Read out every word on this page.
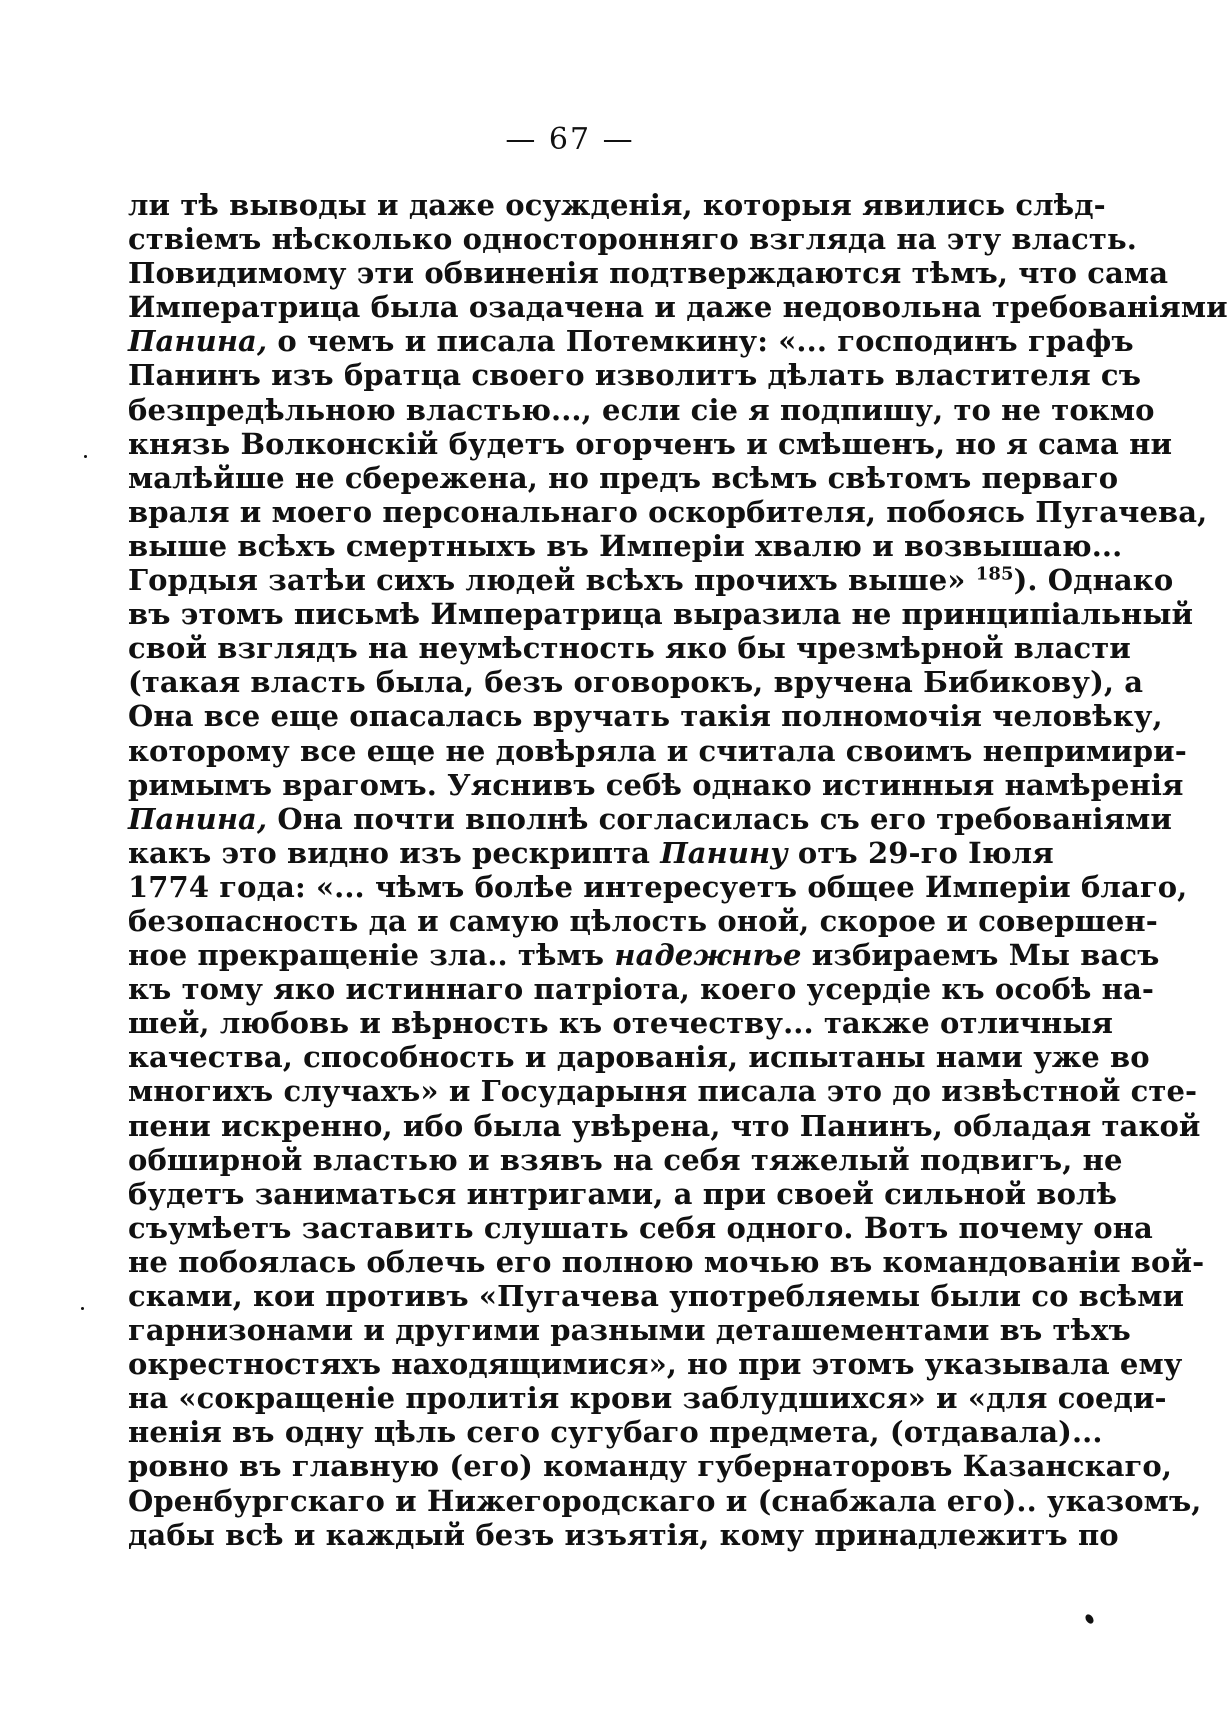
— 67 —
ли тѣ выводы и даже осужденія, которыя явились слѣд-
ствіемъ нѣсколько односторонняго взгляда на эту власть.
Повидимому эти обвиненія подтверждаются тѣмъ, что сама
Императрица была озадачена и даже недовольна требованіями
Панина, о чемъ и писала Потемкину: «... господинъ графъ
Панинъ изъ братца своего изволитъ дѣлать властителя съ
безпредѣльною властью..., если сіе я подпишу, то не токмо
князь Волконскій будетъ огорченъ и смѣшенъ, но я сама ни
малѣйше не сбережена, но предъ всѣмъ свѣтомъ перваго
враля и моего персональнаго оскорбителя, побоясь Пугачева,
выше всѣхъ смертныхъ въ Имперіи хвалю и возвышаю...
Гордыя затѣи сихъ людей всѣхъ прочихъ выше» $^{185}$). Однако
въ этомъ письмѣ Императрица выразила не принципіальный
свой взглядъ на неумѣстность яко бы чрезмѣрной власти
(такая власть была, безъ оговорокъ, вручена Бибикову), а
Она все еще опасалась вручать такія полномочія человѣку,
которому все еще не довѣряла и считала своимъ непримири-
римымъ врагомъ. Уяснивъ себѣ однако истинныя намѣренія
Панина, Она почти вполнѣ согласилась съ его требованіями
какъ это видно изъ рескрипта Панину отъ 29-го Іюля
1774 года: «... чѣмъ болѣе интересуетъ общее Имперіи благо,
безопасность да и самую цѣлость оной, скорое и совершен-
ное прекращеніе зла.. тѣмъ надежнѣе избираемъ Мы васъ
къ тому яко истиннаго патріота, коего усердіе къ особѣ на-
шей, любовь и вѣрность къ отечеству... также отличныя
качества, способность и дарованія, испытаны нами уже во
многихъ случахъ» и Государыня писала это до извѣстной сте-
пени искренно, ибо была увѣрена, что Панинъ, обладая такой
обширной властью и взявъ на себя тяжелый подвигъ, не
будетъ заниматься интригами, а при своей сильной волѣ
съумѣетъ заставить слушать себя одного. Вотъ почему она
не побоялась облечь его полною мочью въ командованіи вой-
сками, кои противъ «Пугачева употребляемы были со всѣми
гарнизонами и другими разными деташементами въ тѣхъ
окрестностяхъ находящимися», но при этомъ указывала ему
на «сокращеніе пролитія крови заблудшихся» и «для соеди-
ненія въ одну цѣль сего сугубаго предмета, (отдавала)...
ровно въ главную (его) команду губернаторовъ Казанскаго,
Оренбургскаго и Нижегородскаго и (снабжала его).. указомъ,
дабы всѣ и каждый безъ изъятія, кому принадлежитъ по
